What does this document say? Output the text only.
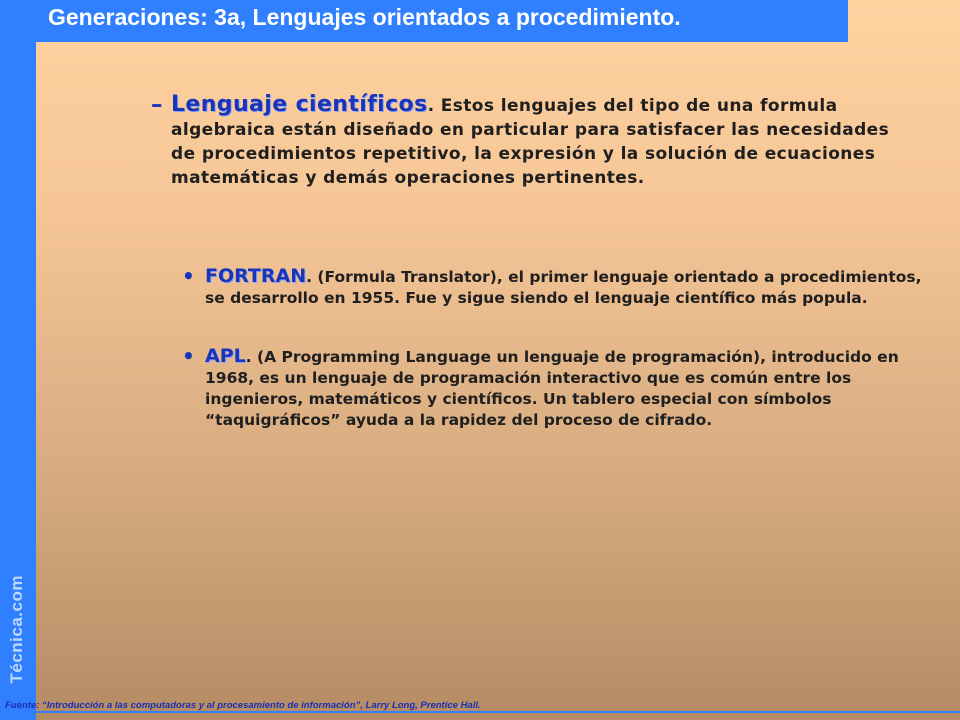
Técnica.com
Generaciones: 3a, Lenguajes orientados a procedimiento.
– Lenguaje científicos. Estos lenguajes del tipo de una formula algebraica están diseñado en particular para satisfacer las necesidades de procedimientos repetitivo, la expresión y la solución de ecuaciones matemáticas y demás operaciones pertinentes.
• FORTRAN. (Formula Translator), el primer lenguaje orientado a procedimientos, se desarrollo en 1955. Fue y sigue siendo el lenguaje científico más popula.
• APL. (A Programming Language un lenguaje de programación), introducido en 1968, es un lenguaje de programación interactivo que es común entre los ingenieros, matemáticos y científicos. Un tablero especial con símbolos “taquigráficos” ayuda a la rapidez del proceso de cifrado.
Fuente: “Introducción a las computadoras y al procesamiento de información”, Larry Long, Prentice Hall.
